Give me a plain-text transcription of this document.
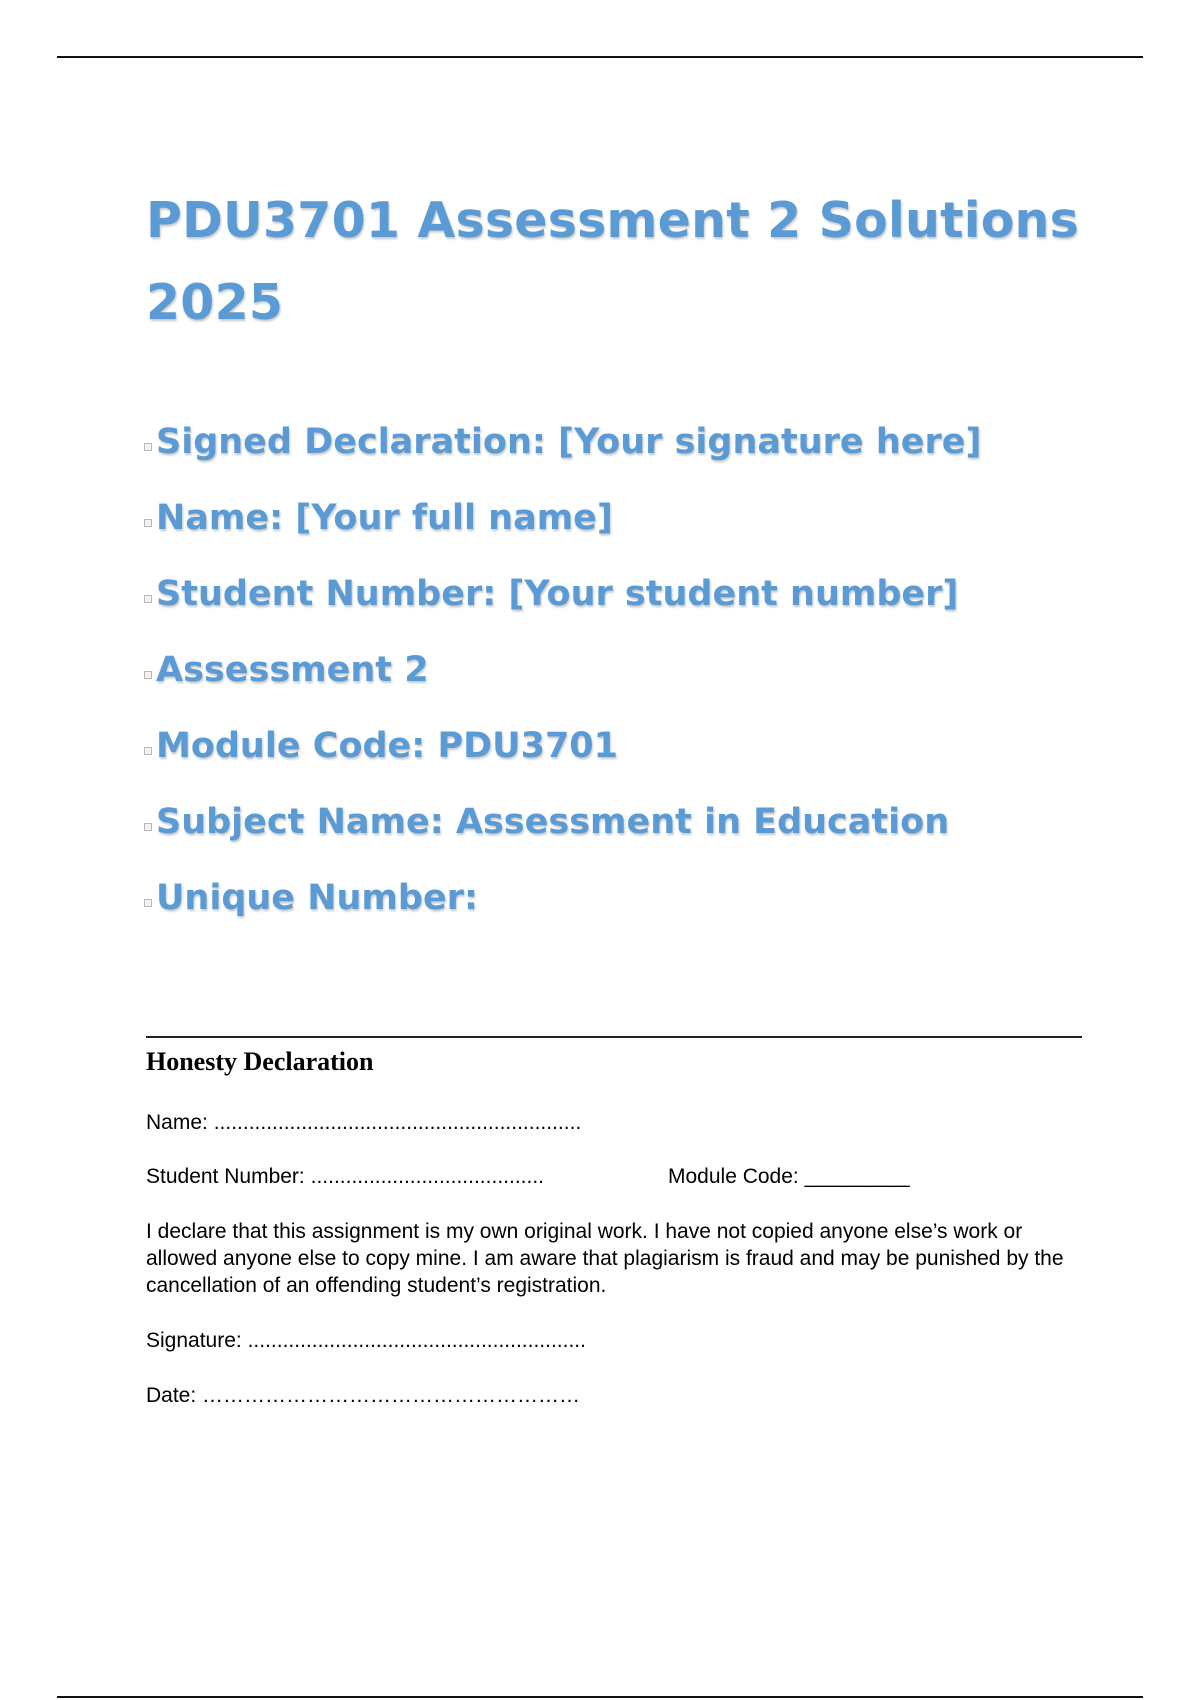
PDU3701 Assessment 2 Solutions 2025
Signed Declaration: [Your signature here]
Name: [Your full name]
Student Number: [Your student number]
Assessment 2
Module Code: PDU3701
Subject Name: Assessment in Education
Unique Number:
Honesty Declaration
Name: ...............................................................
Student Number: ........................................	Module Code: _________

I declare that this assignment is my own original work. I have not copied anyone else’s work or allowed anyone else to copy mine. I am aware that plagiarism is fraud and may be punished by the cancellation of an offending student’s registration.

Signature: ..........................................................
Date: ………………………………………………
